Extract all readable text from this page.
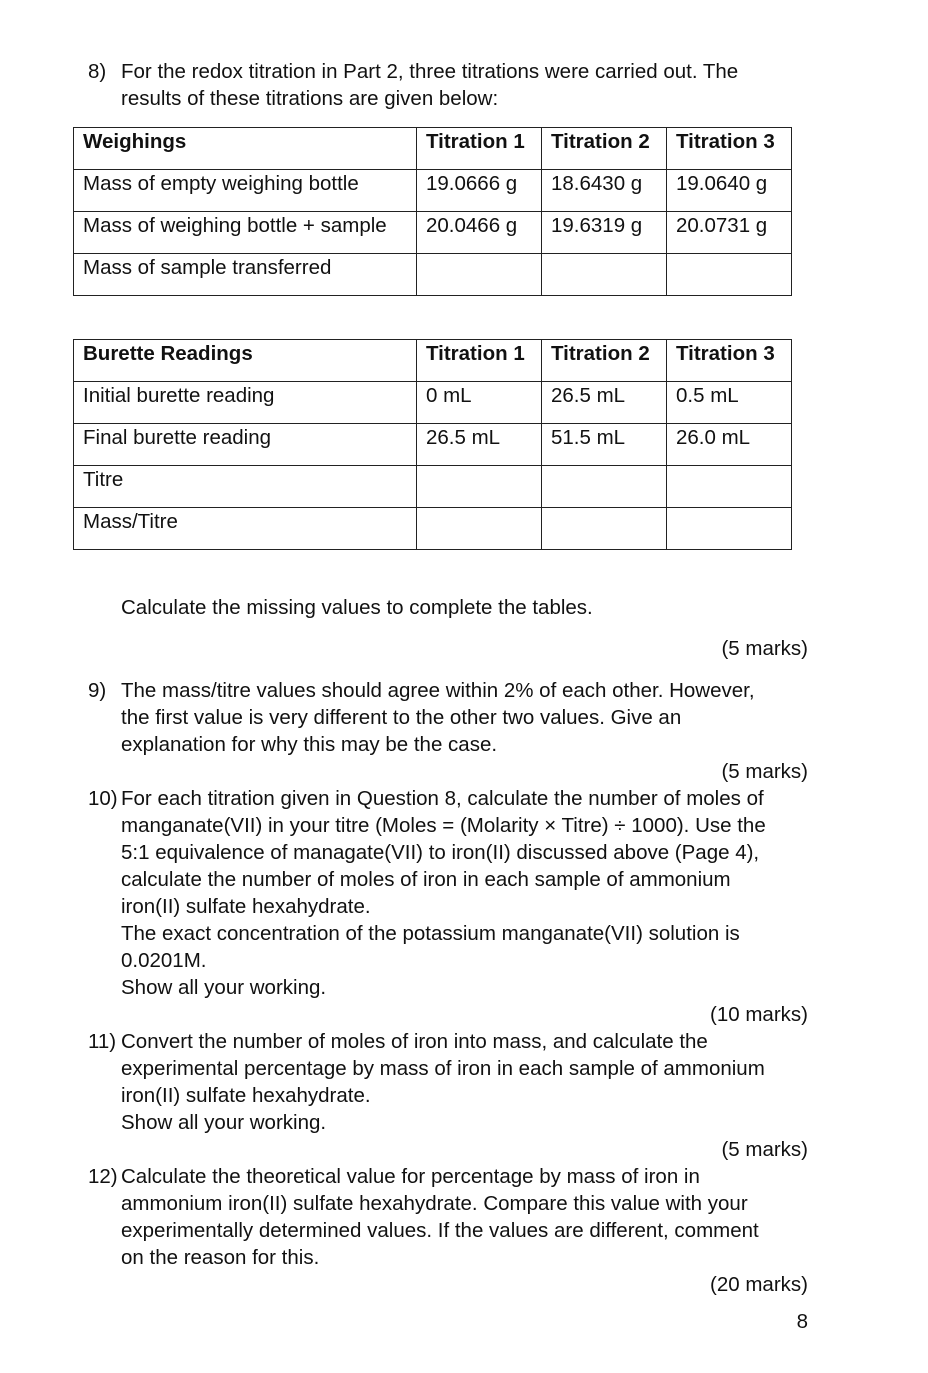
8) For the redox titration in Part 2, three titrations were carried out. The
results of these titrations are given below:
Weighings	Titration 1	Titration 2	Titration 3
Mass of empty weighing bottle	19.0666 g	18.6430 g	19.0640 g
Mass of weighing bottle + sample	20.0466 g	19.6319 g	20.0731 g
Mass of sample transferred			
Burette Readings	Titration 1	Titration 2	Titration 3
Initial burette reading	0 mL	26.5 mL	0.5 mL
Final burette reading	26.5 mL	51.5 mL	26.0 mL
Titre			
Mass/Titre			
Calculate the missing values to complete the tables.
(5 marks)
9) The mass/titre values should agree within 2% of each other. However,
the first value is very different to the other two values. Give an
explanation for why this may be the case.
(5 marks)
10) For each titration given in Question 8, calculate the number of moles of
manganate(VII) in your titre (Moles = (Molarity × Titre) ÷ 1000). Use the
5:1 equivalence of managate(VII) to iron(II) discussed above (Page 4),
calculate the number of moles of iron in each sample of ammonium
iron(II) sulfate hexahydrate.
The exact concentration of the potassium manganate(VII) solution is
0.0201M.
Show all your working.
(10 marks)
11) Convert the number of moles of iron into mass, and calculate the
experimental percentage by mass of iron in each sample of ammonium
iron(II) sulfate hexahydrate.
Show all your working.
(5 marks)
12) Calculate the theoretical value for percentage by mass of iron in
ammonium iron(II) sulfate hexahydrate. Compare this value with your
experimentally determined values. If the values are different, comment
on the reason for this.
(20 marks)
8
